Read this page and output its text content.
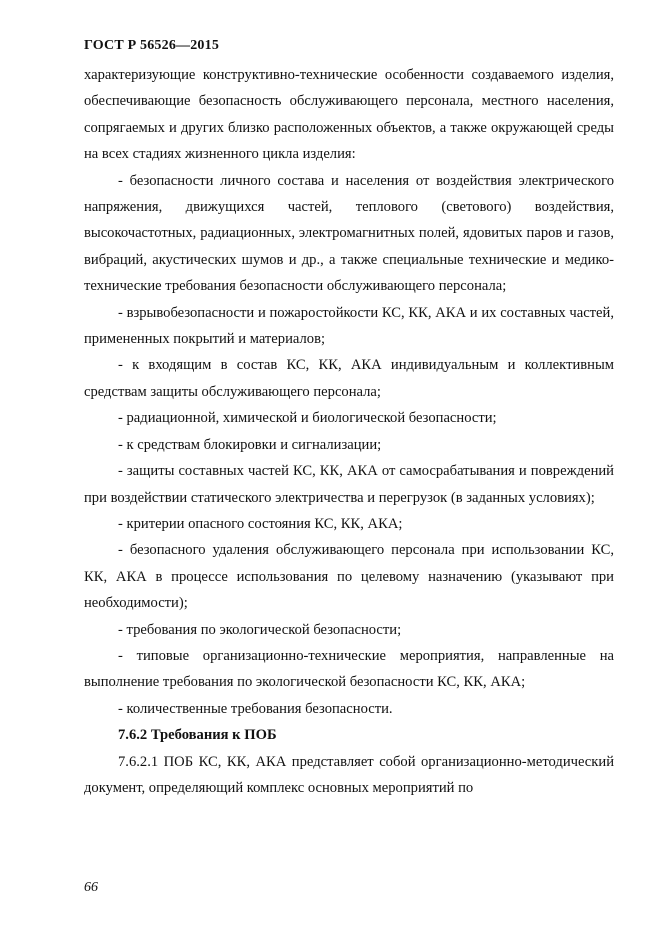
ГОСТ Р 56526—2015

характеризующие конструктивно-технические особенности создаваемого изделия, обеспечивающие безопасность обслуживающего персонала, местного населения, сопрягаемых и других близко расположенных объектов, а также окружающей среды на всех стадиях жизненного цикла изделия:

- безопасности личного состава и населения от воздействия электрического напряжения, движущихся частей, теплового (светового) воздействия, высокочастотных, радиационных, электромагнитных полей, ядовитых паров и газов, вибраций, акустических шумов и др., а также специальные технические и медико-технические требования безопасности обслуживающего персонала;

- взрывобезопасности и пожаростойкости КС, КК, АКА и их составных частей, примененных покрытий и материалов;

- к входящим в состав КС, КК, АКА индивидуальным и коллективным средствам защиты обслуживающего персонала;

- радиационной, химической и биологической безопасности;

- к средствам блокировки и сигнализации;

- защиты составных частей КС, КК, АКА от самосрабатывания и повреждений при воздействии статического электричества и перегрузок (в заданных условиях);

- критерии опасного состояния КС, КК, АКА;

- безопасного удаления обслуживающего персонала при использовании КС, КК, АКА в процессе использования по целевому назначению (указывают при необходимости);

- требования по экологической безопасности;

- типовые организационно-технические мероприятия, направленные на выполнение требования по экологической безопасности КС, КК, АКА;

- количественные требования безопасности.

7.6.2 Требования к ПОБ

7.6.2.1 ПОБ КС, КК, АКА представляет собой организационно-методический документ, определяющий комплекс основных мероприятий по

66
